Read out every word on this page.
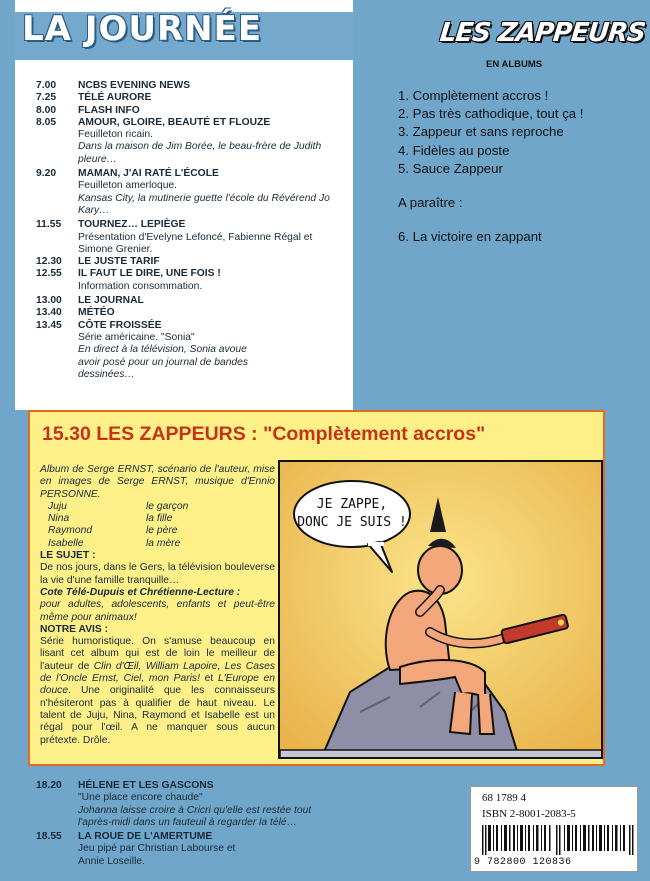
LA JOURNÉE
7.00	NCBS EVENING NEWS
7.25	TÉLÉ AURORE
8.00	FLASH INFO
8.05	AMOUR, GLOIRE, BEAUTÉ ET FLOUZE
Feuilleton ricain.
Dans la maison de Jim Borée, le beau-frère de Judith pleure…
9.20	MAMAN, J'AI RATÉ L'ÉCOLE
Feuilleton amerloque.
Kansas City, la mutinerie guette l'école du Révérend Jo Kary…
11.55	TOURNEZ… LEPIÈGE
Présentation d'Evelyne Lefoncé, Fabienne Régal et Simone Grenier.
12.30	LE JUSTE TARIF
12.55	IL FAUT LE DIRE, UNE FOIS !
Information consommation.
13.00	LE JOURNAL
13.40	MÉTÉO
13.45	CÔTE FROISSÉE
Série américaine. "Sonia"
En direct à la télévision, Sonia avoue avoir posé pour un journal de bandes dessinées…
LES ZAPPEURS
EN ALBUMS
1. Complètement accros !
2. Pas très cathodique, tout ça !
3. Zappeur et sans reproche
4. Fidèles au poste
5. Sauce Zappeur
A paraître :
6. La victoire en zappant
15.30 LES ZAPPEURS : "Complètement accros"
Album de Serge ERNST, scénario de l'auteur, mise en images de Serge ERNST, musique d'Ennio PERSONNE.
Juju	le garçon
Nina	la fille
Raymond	le père
Isabelle	la mère
LE SUJET :
De nos jours, dans le Gers, la télévision bouleverse la vie d'une famille tranquille…
Cote Télé-Dupuis et Chrétienne-Lecture :
pour adultes, adolescents, enfants et peut-être même pour animaux!
NOTRE AVIS :
Série humoristique. On s'amuse beaucoup en lisant cet album qui est de loin le meilleur de l'auteur de Clin d'Œil, William Lapoire, Les Cases de l'Oncle Ernst, Ciel, mon Paris! et L'Europe en douce. Une originalité que les connaisseurs n'hésiteront pas à qualifier de haut niveau. Le talent de Juju, Nina, Raymond et Isabelle est un régal pour l'œil. A ne manquer sous aucun prétexte. Drôle.
JE ZAPPE,
DONC JE SUIS !
18.20	HÉLENE ET LES GASCONS
"Une place encore chaude"
Johanna laisse croire à Cricri qu'elle est restée tout l'après-midi dans un fauteuil à regarder la télé…
18.55	LA ROUE DE L'AMERTUME
Jeu pipé par Christian Labourse et Annie Loseille.
68 1789 4
ISBN 2-8001-2083-5
9 782800 120836
